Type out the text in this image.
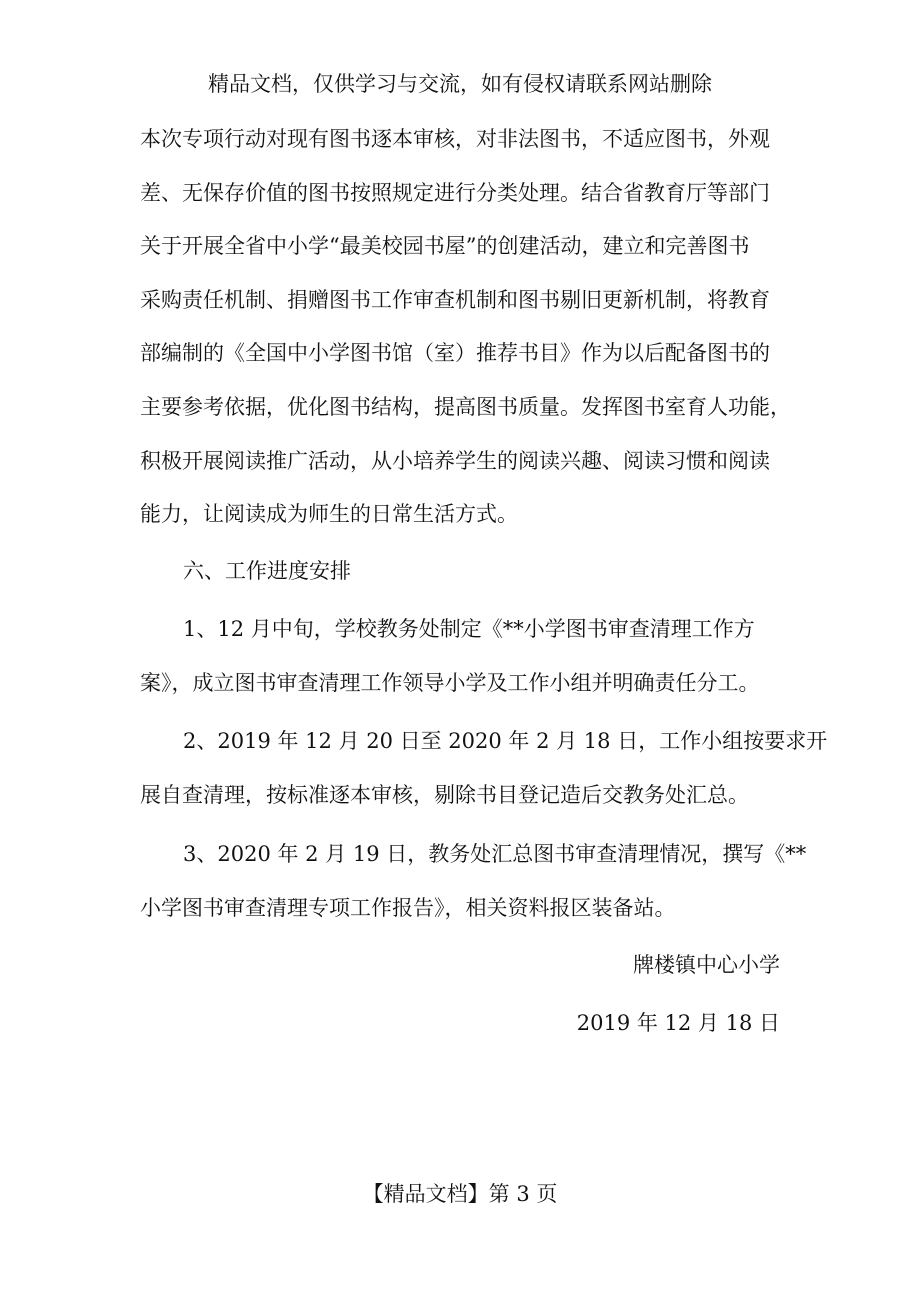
精品文档，仅供学习与交流，如有侵权请联系网站删除
本次专项行动对现有图书逐本审核，对非法图书，不适应图书，外观
差、无保存价值的图书按照规定进行分类处理。结合省教育厅等部门
关于开展全省中小学“最美校园书屋”的创建活动，建立和完善图书
采购责任机制、捐赠图书工作审查机制和图书剔旧更新机制，将教育
部编制的《全国中小学图书馆（室）推荐书目》作为以后配备图书的
主要参考依据，优化图书结构，提高图书质量。发挥图书室育人功能，
积极开展阅读推广活动，从小培养学生的阅读兴趣、阅读习惯和阅读
能力，让阅读成为师生的日常生活方式。
六、工作进度安排
1、12 月中旬，学校教务处制定《**小学图书审查清理工作方
案》，成立图书审查清理工作领导小学及工作小组并明确责任分工。
2、2019 年 12 月 20 日至 2020 年 2 月 18 日，工作小组按要求开
展自查清理，按标准逐本审核，剔除书目登记造后交教务处汇总。
3、2020 年 2 月 19 日，教务处汇总图书审查清理情况，撰写《**
小学图书审查清理专项工作报告》，相关资料报区装备站。
牌楼镇中心小学
2019 年 12 月 18 日
【精品文档】第 3 页
